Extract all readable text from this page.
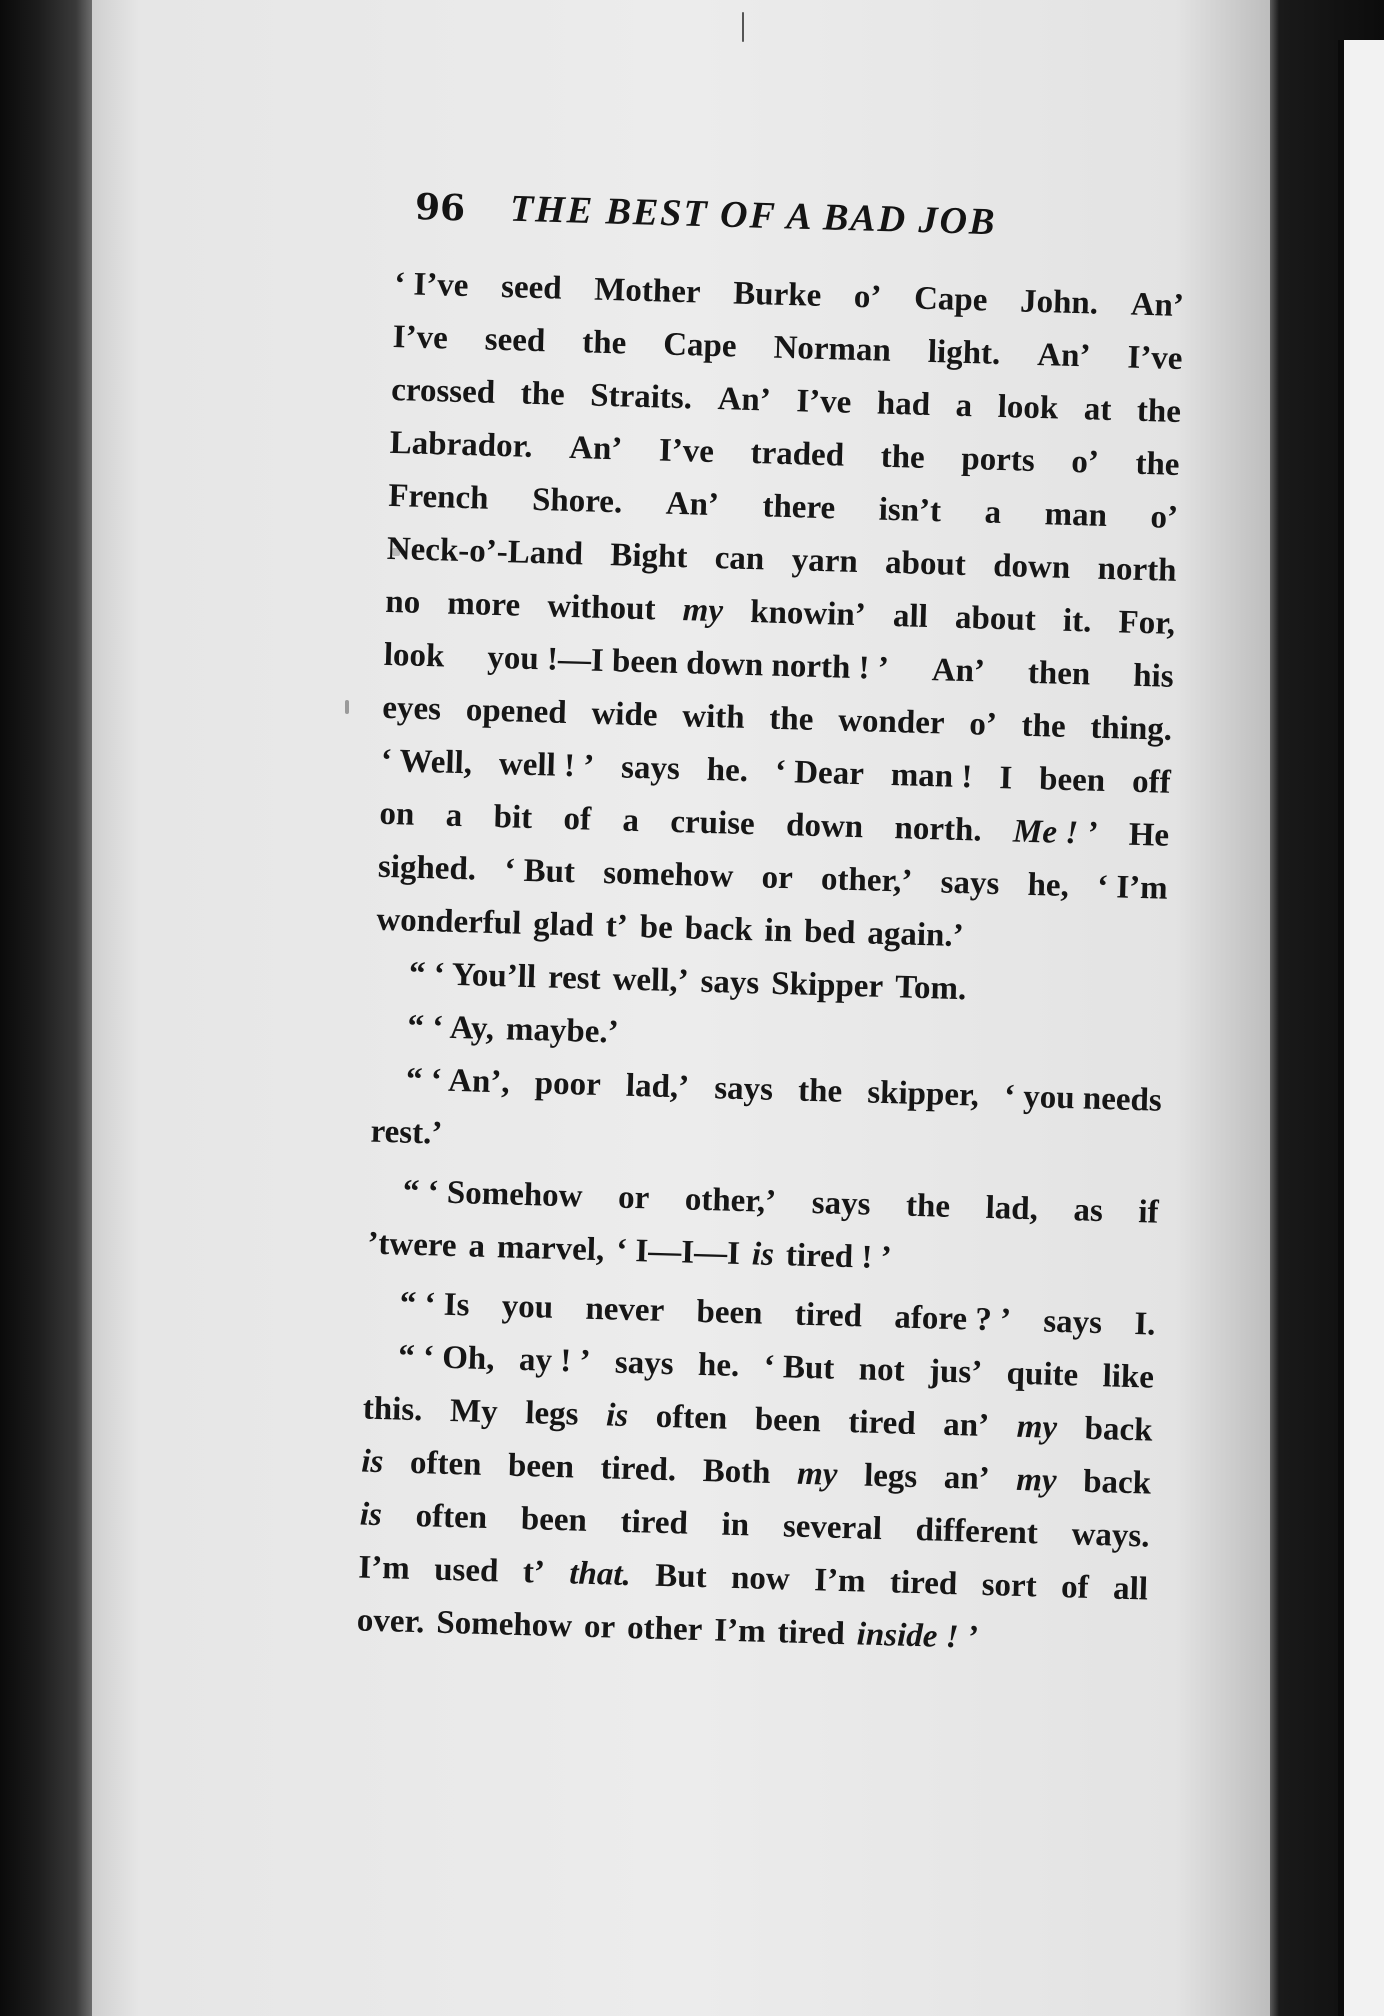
96 THE BEST OF A BAD JOB
‘ I’ve seed Mother Burke o’ Cape John. An’
I’ve seed the Cape Norman light. An’ I’ve
crossed the Straits. An’ I’ve had a look at the
Labrador. An’ I’ve traded the ports o’ the
French Shore. An’ there isn’t a man o’
Neck-o’-Land Bight can yarn about down north
no more without my knowin’ all about it. For,
look you !—I been down north ! ’ An’ then his
eyes opened wide with the wonder o’ the thing.
‘ Well, well ! ’ says he. ‘ Dear man ! I been off
on a bit of a cruise down north. Me ! ’ He
sighed. ‘ But somehow or other,’ says he, ‘ I’m
wonderful glad t’ be back in bed again.’
“ ‘ You’ll rest well,’ says Skipper Tom.
“ ‘ Ay, maybe.’
“ ‘ An’, poor lad,’ says the skipper, ‘ you needs
rest.’
“ ‘ Somehow or other,’ says the lad, as if
’twere a marvel, ‘ I—I—I is tired ! ’
“ ‘ Is you never been tired afore ? ’ says I.
“ ‘ Oh, ay ! ’ says he. ‘ But not jus’ quite like
this. My legs is often been tired an’ my back
is often been tired. Both my legs an’ my back
is often been tired in several different ways.
I’m used t’ that. But now I’m tired sort of all
over. Somehow or other I’m tired inside ! ’
